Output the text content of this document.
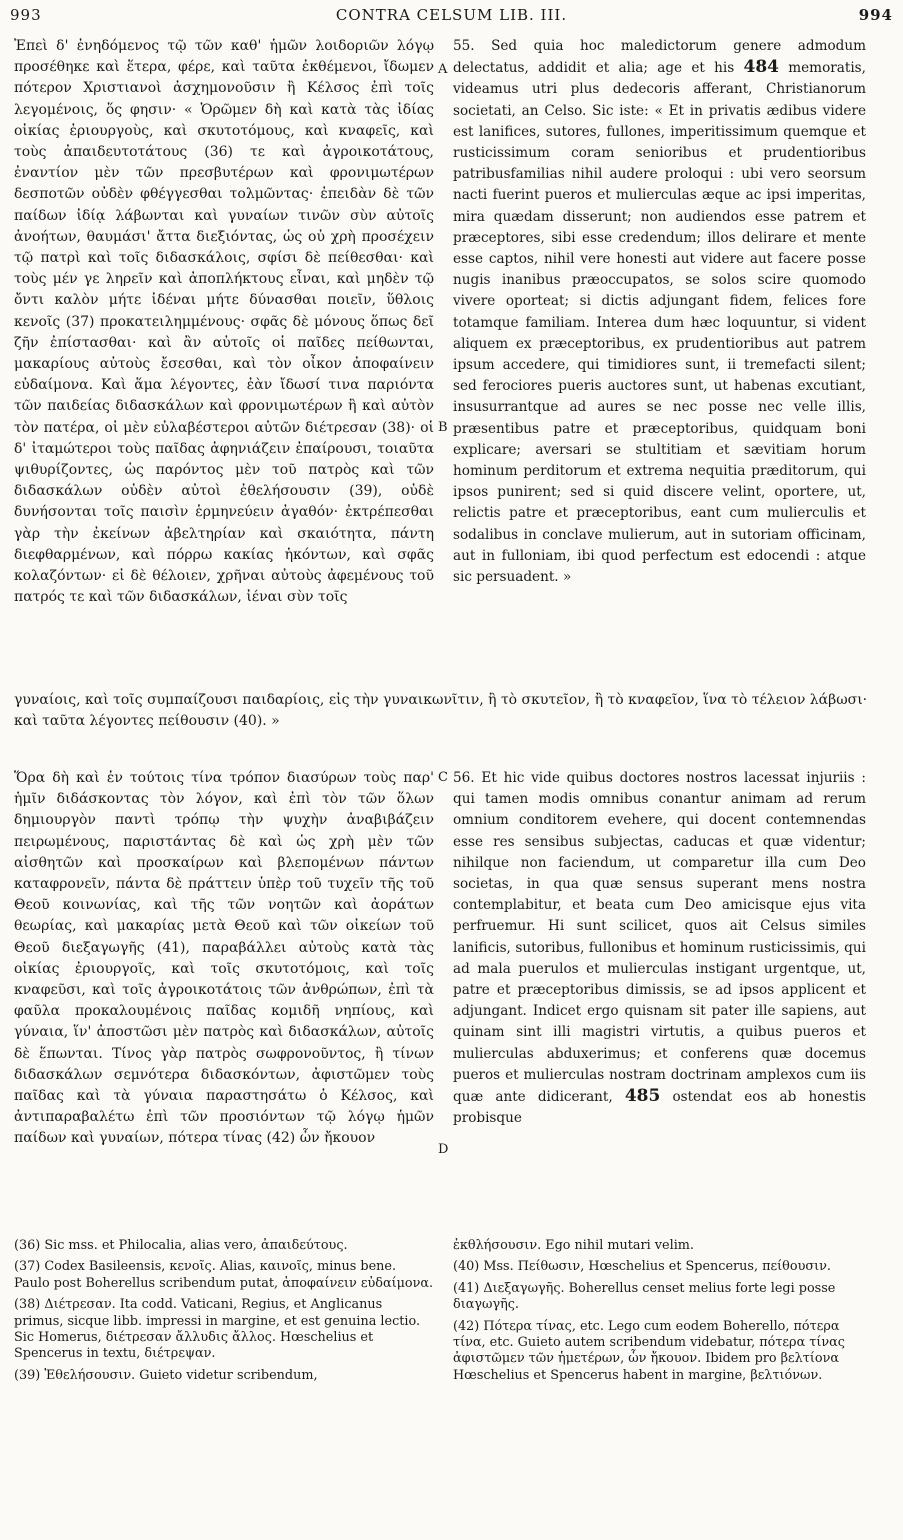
993	CONTRA CELSUM LIB. III.	994

Ἐπεὶ δ' ἐνηδόμενος τῷ τῶν καθ' ἡμῶν λοιδοριῶν λόγῳ προσέθηκε καὶ ἕτερα, φέρε, καὶ ταῦτα ἐκθέμενοι, ἴδωμεν πότερον Χριστιανοὶ ἀσχημονοῦσιν ἢ Κέλσος ἐπὶ τοῖς λεγομένοις, ὅς φησιν· « Ὁρῶμεν δὴ καὶ κατὰ τὰς ἰδίας οἰκίας ἐριουργοὺς, καὶ σκυτοτόμους, καὶ κναφεῖς, καὶ τοὺς ἀπαιδευτοτάτους (36) τε καὶ ἀγροικοτάτους, ἐναντίον μὲν τῶν πρεσβυτέρων καὶ φρονιμωτέρων δεσποτῶν οὐδὲν φθέγγεσθαι τολμῶντας· ἐπειδὰν δὲ τῶν παίδων ἰδίᾳ λάβωνται καὶ γυναίων τινῶν σὺν αὐτοῖς ἀνοήτων, θαυμάσι' ἄττα διεξιόντας, ὡς οὐ χρὴ προσέχειν τῷ πατρὶ καὶ τοῖς διδασκάλοις, σφίσι δὲ πείθεσθαι· καὶ τοὺς μέν γε ληρεῖν καὶ ἀποπλήκτους εἶναι, καὶ μηδὲν τῷ ὄντι καλὸν μήτε ἰδέναι μήτε δύνασθαι ποιεῖν, ὕθλοις κενοῖς (37) προκατειλημμένους· σφᾶς δὲ μόνους ὅπως δεῖ ζῆν ἐπίστασθαι· καὶ ἂν αὐτοῖς οἱ παῖδες πείθωνται, μακαρίους αὐτοὺς ἔσεσθαι, καὶ τὸν οἶκον ἀποφαίνειν εὐδαίμονα. Καὶ ἅμα λέγοντες, ἐὰν ἴδωσί τινα παριόντα τῶν παιδείας διδασκάλων καὶ φρονιμωτέρων ἢ καὶ αὐτὸν τὸν πατέρα, οἱ μὲν εὐλαβέστεροι αὐτῶν διέτρεσαν (38)· οἱ δ' ἰταμώτεροι τοὺς παῖδας ἀφηνιάζειν ἐπαίρουσι, τοιαῦτα ψιθυρίζοντες, ὡς παρόντος μὲν τοῦ πατρὸς καὶ τῶν διδασκάλων οὐδὲν αὐτοὶ ἐθελήσουσιν (39), οὐδὲ δυνήσονται τοῖς παισὶν ἑρμηνεύειν ἀγαθόν· ἐκτρέπεσθαι γὰρ τὴν ἐκείνων ἀβελτηρίαν καὶ σκαιότητα, πάντη διεφθαρμένων, καὶ πόρρω κακίας ἡκόντων, καὶ σφᾶς κολαζόντων· εἰ δὲ θέλοιεν, χρῆναι αὐτοὺς ἀφεμένους τοῦ πατρός τε καὶ τῶν διδασκάλων, ἰέναι σὺν τοῖς

A

55. Sed quia hoc maledictorum genere admodum delectatus, addidit et alia; age et his 484 memoratis, videamus utri plus dedecoris afferant, Christianorum societati, an Celso. Sic iste: « Et in privatis ædibus videre est lanifices, sutores, fullones, imperitissimum quemque et rusticissimum coram senioribus et prudentioribus patribusfamilias nihil audere proloqui : ubi vero seorsum nacti fuerint pueros et mulierculas æque ac ipsi imperitas, mira quædam disserunt; non audiendos esse patrem et præceptores, sibi esse credendum; illos delirare et mente esse captos, nihil vere honesti aut videre aut facere posse nugis inanibus præoccupatos, se solos scire quomodo vivere oporteat; si dictis adjungant fidem, felices fore totamque familiam. Interea dum hæc loquuntur, si vident aliquem ex præceptoribus, ex prudentioribus aut patrem ipsum accedere, qui timidiores sunt, ii tremefacti silent; sed ferociores pueris auctores sunt, ut habenas excutiant, insusurrantque ad aures se nec posse nec velle illis, præsentibus patre et præceptoribus, quidquam boni explicare; aversari se stultitiam et sævitiam horum hominum perditorum et extrema nequitia præditorum, qui ipsos punirent; sed si quid discere velint, oportere, ut, relictis patre et præceptoribus, eant cum mulierculis et sodalibus in conclave mulierum, aut in sutoriam officinam, aut in fulloniam, ibi quod perfectum est edocendi : atque sic persuadent. »

B
γυναίοις, καὶ τοῖς συμπαίζουσι παιδαρίοις, εἰς τὴν γυναικωνῖτιν, ἢ τὸ σκυτεῖον, ἢ τὸ κναφεῖον, ἵνα τὸ τέλειον λάβωσι· καὶ ταῦτα λέγοντες πείθουσιν (40). »

Ὅρα δὴ καὶ ἐν τούτοις τίνα τρόπον διασύρων τοὺς παρ' ἡμῖν διδάσκοντας τὸν λόγον, καὶ ἐπὶ τὸν τῶν ὅλων δημιουργὸν παντὶ τρόπῳ τὴν ψυχὴν ἀναβιβάζειν πειρωμένους, παριστάντας δὲ καὶ ὡς χρὴ μὲν τῶν αἰσθητῶν καὶ προσκαίρων καὶ βλεπομένων πάντων καταφρονεῖν, πάντα δὲ πράττειν ὑπὲρ τοῦ τυχεῖν τῆς τοῦ Θεοῦ κοινωνίας, καὶ τῆς τῶν νοητῶν καὶ ἀοράτων θεωρίας, καὶ μακαρίας μετὰ Θεοῦ καὶ τῶν οἰκείων τοῦ Θεοῦ διεξαγωγῆς (41), παραβάλλει αὐτοὺς κατὰ τὰς οἰκίας ἐριουργοῖς, καὶ τοῖς σκυτοτόμοις, καὶ τοῖς κναφεῦσι, καὶ τοῖς ἀγροικοτάτοις τῶν ἀνθρώπων, ἐπὶ τὰ φαῦλα προκαλουμένοις παῖδας κομιδῆ νηπίους, καὶ γύναια, ἵν' ἀποστῶσι μὲν πατρὸς καὶ διδασκάλων, αὐτοῖς δὲ ἕπωνται. Τίνος γὰρ πατρὸς σωφρονοῦντος, ἢ τίνων διδασκάλων σεμνότερα διδασκόντων, ἀφιστῶμεν τοὺς παῖδας καὶ τὰ γύναια παραστησάτω ὁ Κέλσος, καὶ ἀντιπαραβαλέτω ἐπὶ τῶν προσιόντων τῷ λόγῳ ἡμῶν παίδων καὶ γυναίων, πότερα τίνας (42) ὧν ἤκουον

C 56. Et hic vide quibus doctores nostros lacessat injuriis : qui tamen modis omnibus conantur animam ad rerum omnium conditorem evehere, qui docent contemnendas esse res sensibus subjectas, caducas et quæ videntur; nihilque non faciendum, ut comparetur illa cum Deo societas, in qua quæ sensus superant mens nostra contemplabitur, et beata cum Deo amicisque ejus vita perfruemur. Hi sunt scilicet, quos ait Celsus similes lanificis, sutoribus, fullonibus et hominum rusticissimis, qui ad mala puerulos et mulierculas instigant urgentque, ut, patre et præceptoribus dimissis, se ad ipsos applicent et adjungant. Indicet ergo quisnam sit pater ille sapiens, aut quinam sint illi magistri virtutis, a quibus pueros et mulierculas abduxerimus; et conferens quæ docemus pueros et mulierculas nostram doctrinam amplexos cum iis quæ ante didicerant, 485 ostendat eos ab honestis probisque

D

(36) Sic mss. et Philocalia, alias vero, ἀπαιδεύτους.

(37) Codex Basileensis, κενοῖς. Alias, καινοῖς, minus bene. Paulo post Boherellus scribendum putat, ἀποφαίνειν εὐδαίμονα.

(38) Διέτρεσαν. Ita codd. Vaticani, Regius, et Anglicanus primus, sicque libb. impressi in margine, et est genuina lectio. Sic Homerus, διέτρεσαν ἄλλυδις ἄλλος. Hœschelius et Spencerus in textu, διέτρεψαν.

(39) Ἐθελήσουσιν. Guieto videtur scribendum,

ἐκθλήσουσιν. Ego nihil mutari velim.

(40) Mss. Πείθωσιν, Hœschelius et Spencerus, πείθουσιν.

(41) Διεξαγωγῆς. Boherellus censet melius forte legi posse διαγωγῆς.

(42) Πότερα τίνας, etc. Lego cum eodem Boherello, πότερα τίνα, etc. Guieto autem scribendum videbatur, πότερα τίνας ἀφιστῶμεν τῶν ἡμετέρων, ὧν ἤκουον. Ibidem pro βελτίονα Hœschelius et Spencerus habent in margine, βελτιόνων.
